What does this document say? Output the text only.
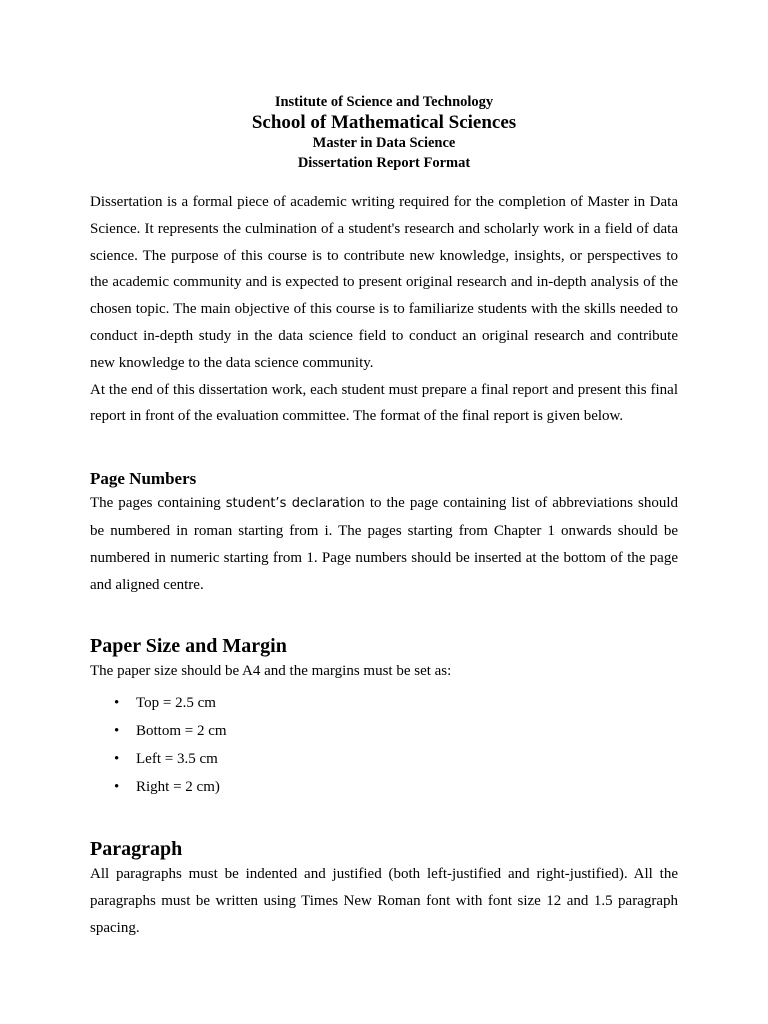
Institute of Science and Technology
School of Mathematical Sciences
Master in Data Science
Dissertation Report Format

Dissertation is a formal piece of academic writing required for the completion of Master in Data Science. It represents the culmination of a student's research and scholarly work in a field of data science. The purpose of this course is to contribute new knowledge, insights, or perspectives to the academic community and is expected to present original research and in-depth analysis of the chosen topic. The main objective of this course is to familiarize students with the skills needed to conduct in-depth study in the data science field to conduct an original research and contribute new knowledge to the data science community.

At the end of this dissertation work, each student must prepare a final report and present this final report in front of the evaluation committee. The format of the final report is given below.

Page Numbers

The pages containing student’s declaration to the page containing list of abbreviations should be numbered in roman starting from i. The pages starting from Chapter 1 onwards should be numbered in numeric starting from 1. Page numbers should be inserted at the bottom of the page and aligned centre.

Paper Size and Margin

The paper size should be A4 and the margins must be set as:

• Top = 2.5 cm
• Bottom = 2 cm
• Left = 3.5 cm
• Right = 2 cm)
Paragraph

All paragraphs must be indented and justified (both left-justified and right-justified). All the paragraphs must be written using Times New Roman font with font size 12 and 1.5 paragraph spacing.
